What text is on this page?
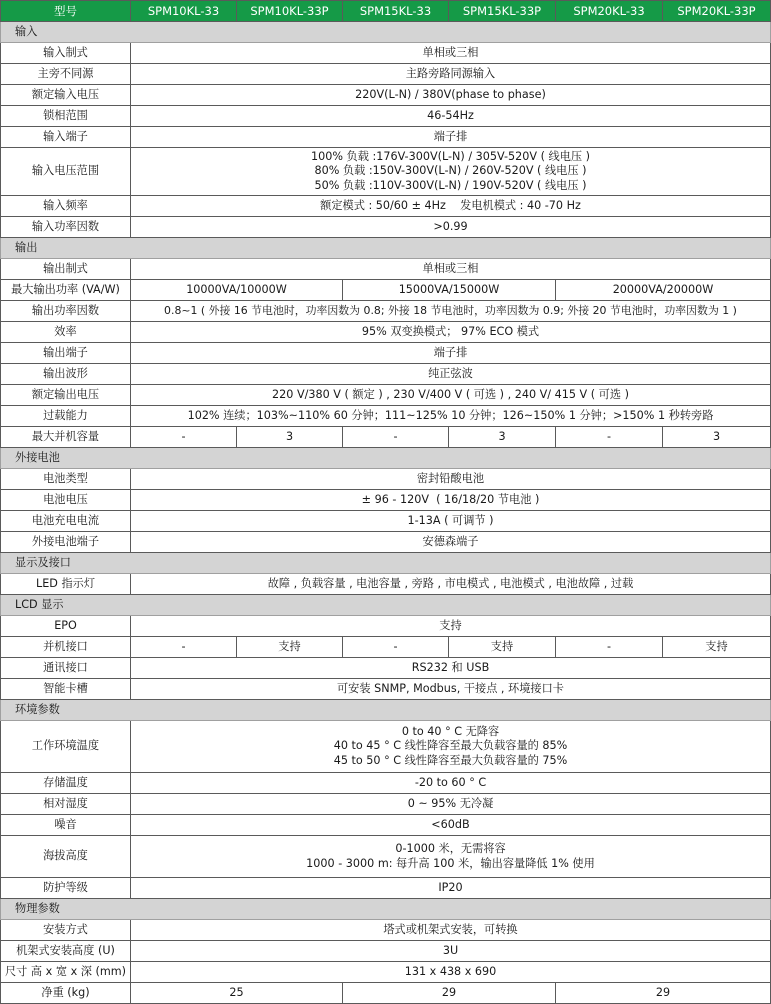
型号	SPM10KL-33	SPM10KL-33P	SPM15KL-33	SPM15KL-33P	SPM20KL-33	SPM20KL-33P
输入						
输入制式	单相或三相					
主旁不同源	主路旁路同源输入					
额定输入电压	220V(L-N) / 380V(phase to phase)					
锁相范围	46-54Hz					
输入端子	端子排					
输入电压范围	100% 负载 :176V-300V(L-N) / 305V-520V ( 线电压 )
80% 负载 :150V-300V(L-N) / 260V-520V ( 线电压 )
50% 负载 :110V-300V(L-N) / 190V-520V ( 线电压 )					

输入频率	额定模式 : 50/60 ± 4Hz    发电机模式 : 40 -70 Hz					
输入功率因数	>0.99					
输出						
输出制式	单相或三相					
最大输出功率 (VA/W)	10000VA/10000W		15000VA/15000W		20000VA/20000W	
输出功率因数	0.8~1 ( 外接 16 节电池时，功率因数为 0.8; 外接 18 节电池时，功率因数为 0.9; 外接 20 节电池时，功率因数为 1 )					
效率	95% 双变换模式； 97% ECO 模式					
输出端子	端子排					
输出波形	纯正弦波					
额定输出电压	220 V/380 V ( 额定 ) , 230 V/400 V ( 可选 ) , 240 V/ 415 V ( 可选 )					
过载能力	102% 连续；103%~110% 60 分钟；111~125% 10 分钟；126~150% 1 分钟；>150% 1 秒转旁路					
最大并机容量	-	3	-	3	-	3
外接电池						
电池类型	密封铅酸电池					
电池电压	± 96 - 120V  ( 16/18/20 节电池 )					
电池充电电流	1-13A ( 可调节 )					
外接电池端子	安德森端子					
显示及接口						
LED 指示灯	故障 , 负载容量 , 电池容量 , 旁路 , 市电模式 , 电池模式 , 电池故障 , 过载					
LCD 显示						
EPO	支持					
并机接口	-	支持	-	支持	-	支持
通讯接口	RS232 和 USB					
智能卡槽	可安装 SNMP, Modbus, 干接点 , 环境接口卡					
环境参数						
工作环境温度	0 to 40 ° C 无降容
40 to 45 ° C 线性降容至最大负载容量的 85%
45 to 50 ° C 线性降容至最大负载容量的 75%					

存储温度	-20 to 60 ° C					
相对湿度	0 ~ 95% 无冷凝					
噪音	<60dB					
海拔高度	0-1000 米，无需将容
1000 - 3000 m: 每升高 100 米，输出容量降低 1% 使用					

防护等级	IP20					
物理参数						
安装方式	塔式或机架式安装，可转换					
机架式安装高度 (U)	3U					
尺寸 高 x 宽 x 深 (mm)	131 x 438 x 690					
净重 (kg)	25		29		29	
